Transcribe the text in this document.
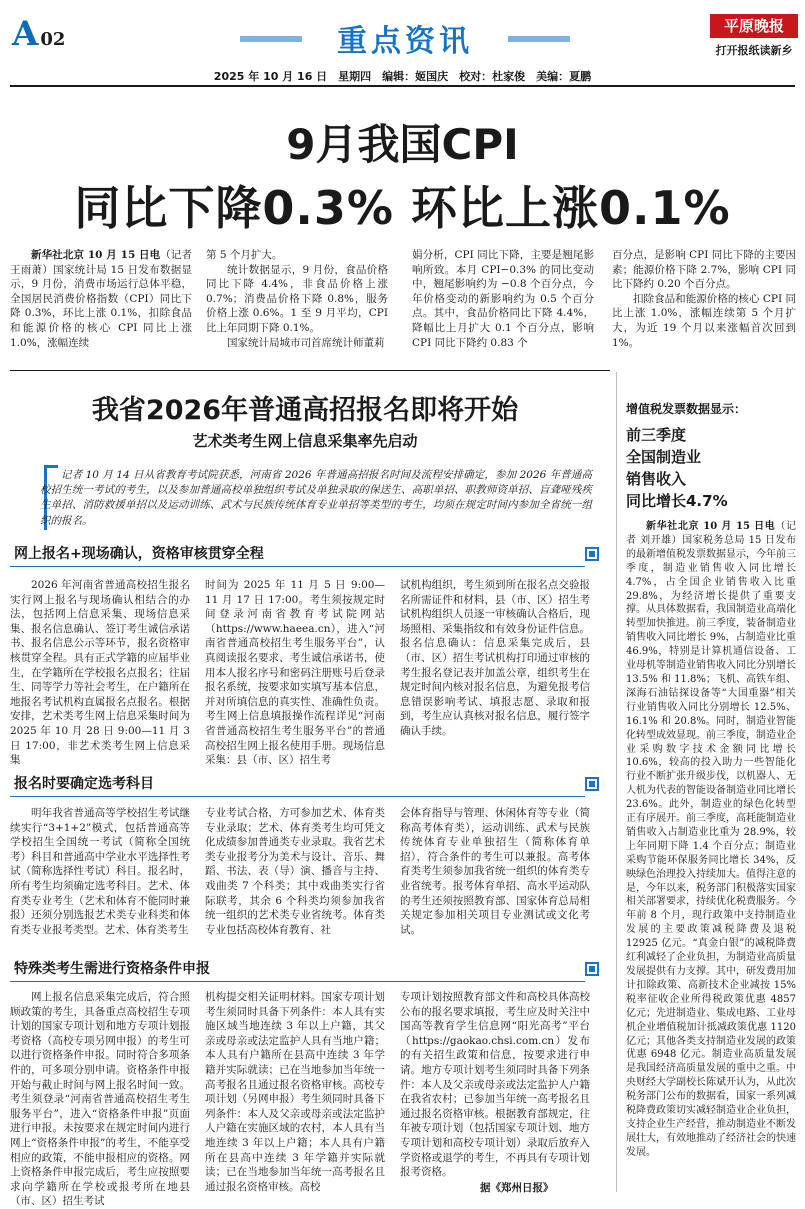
A 02	重点资讯	平原晚报
打开报纸读新乡
2025 年 10 月 16 日　星期四　编辑：姬国庆　校对：杜家俊　美编：夏鹏
9月我国CPI
同比下降0.3% 环比上涨0.1%

新华社北京 10 月 15 日电（记者 王雨萧）国家统计局 15 日发布数据显示，9 月份，消费市场运行总体平稳，全国居民消费价格指数（CPI）同比下降 0.3%，环比上涨 0.1%，扣除食品和能源价格的核心 CPI 同比上涨 1.0%，涨幅连续

第 5 个月扩大。

统计数据显示，9 月份，食品价格同比下降 4.4%，非食品价格上涨 0.7%；消费品价格下降 0.8%，服务价格上涨 0.6%。1 至 9 月平均，CPI 比上年同期下降 0.1%。

国家统计局城市司首席统计师董莉

娟分析，CPI 同比下降，主要是翘尾影响所致。本月 CPI−0.3% 的同比变动中，翘尾影响约为 −0.8 个百分点，今年价格变动的新影响约为 0.5 个百分点。其中，食品价格同比下降 4.4%，降幅比上月扩大 0.1 个百分点，影响 CPI 同比下降约 0.83 个

百分点，是影响 CPI 同比下降的主要因素；能源价格下降 2.7%，影响 CPI 同比下降约 0.20 个百分点。

扣除食品和能源价格的核心 CPI 同比上涨 1.0%，涨幅连续第 5 个月扩大，为近 19 个月以来涨幅首次回到 1%。

我省2026年普通高招报名即将开始
艺术类考生网上信息采集率先启动

记者 10 月 14 日从省教育考试院获悉，河南省 2026 年普通高招报名时间及流程安排确定，参加 2026 年普通高校招生统一考试的考生，以及参加普通高校单独组织考试及单独录取的保送生、高职单招、职教师资单招、盲聋哑残疾生单招、消防救援单招以及运动训练、武术与民族传统体育专业单招等类型的考生，均须在规定时间内参加全省统一组织的报名。

网上报名+现场确认，资格审核贯穿全程

2026 年河南省普通高校招生报名实行网上报名与现场确认相结合的办法，包括网上信息采集、现场信息采集、报名信息确认、签订考生诚信承诺书、报名信息公示等环节，报名资格审核贯穿全程。具有正式学籍的应届毕业生，在学籍所在学校报名点报名；往届生、同等学力等社会考生，在户籍所在地报名考试机构直属报名点报名。根据安排，艺术类考生网上信息采集时间为 2025 年 10 月 28 日 9:00—11 月 3 日 17:00，非艺术类考生网上信息采集

时间为 2025 年 11 月 5 日 9:00—11 月 17 日 17:00。考生须按规定时间登录河南省教育考试院网站（https://www.haeea.cn），进入“河南省普通高校招生考生服务平台”，认真阅读报名要求、考生诚信承诺书，使用本人报名序号和密码注册账号后登录报名系统，按要求如实填写基本信息，并对所填信息的真实性、准确性负责。考生网上信息填报操作流程详见“河南省普通高校招生考生服务平台”的普通高校招生网上报名使用手册。现场信息采集：县（市、区）招生考

试机构组织，考生须到所在报名点交验报名所需证件和材料，县（市、区）招生考试机构组织人员逐一审核确认合格后，现场照相、采集指纹和有效身份证件信息。报名信息确认：信息采集完成后，县（市、区）招生考试机构打印通过审核的考生报名登记表并加盖公章，组织考生在规定时间内核对报名信息，为避免报考信息错误影响考试、填报志愿、录取和报到，考生应认真核对报名信息，履行签字确认手续。

报名时要确定选考科目

明年我省普通高等学校招生考试继续实行“3+1+2”模式，包括普通高等学校招生全国统一考试（简称全国统考）科目和普通高中学业水平选择性考试（简称选择性考试）科目。报名时，所有考生均须确定选考科目。艺术、体育类专业考生（艺术和体育不能同时兼报）还须分别选报艺术类专业科类和体育类专业报考类型。艺术、体育类考生

专业考试合格，方可参加艺术、体育类专业录取；艺术、体育类考生均可凭文化成绩参加普通类专业录取。我省艺术类专业报考分为美术与设计、音乐、舞蹈、书法、表（导）演、播音与主持、戏曲类 7 个科类；其中戏曲类实行省际联考，其余 6 个科类均须参加我省统一组织的艺术类专业省统考。体育类专业包括高校体育教育、社

会体育指导与管理、休闲体育等专业（简称高考体育类），运动训练、武术与民族传统体育专业单独招生（简称体育单招），符合条件的考生可以兼报。高考体育类考生须参加我省统一组织的体育类专业省统考。报考体育单招、高水平运动队的考生还须按照教育部、国家体育总局相关规定参加相关项目专业测试或文化考试。

特殊类考生需进行资格条件申报

网上报名信息采集完成后，符合照顾政策的考生，具备重点高校招生专项计划的国家专项计划和地方专项计划报考资格（高校专项另网申报）的考生可以进行资格条件申报。同时符合多项条件的，可多项分别申请。资格条件申报开始与截止时间与网上报名时间一致。考生须登录“河南省普通高校招生考生服务平台”，进入“资格条件申报”页面进行申报。未按要求在规定时间内进行网上“资格条件申报”的考生，不能享受相应的政策，不能申报相应的资格。网上资格条件申报完成后，考生应按照要求向学籍所在学校或报考所在地县（市、区）招生考试

机构提交相关证明材料。国家专项计划考生须同时具备下列条件：本人具有实施区域当地连续 3 年以上户籍，其父亲或母亲或法定监护人具有当地户籍；本人具有户籍所在县高中连续 3 年学籍并实际就读；已在当地参加当年统一高考报名且通过报名资格审核。高校专项计划（另网申报）考生须同时具备下列条件：本人及父亲或母亲或法定监护人户籍在实施区域的农村，本人具有当地连续 3 年以上户籍；本人具有户籍所在县高中连续 3 年学籍并实际就读；已在当地参加当年统一高考报名且通过报名资格审核。高校

专项计划按照教育部文件和高校具体高校公布的报名要求填报，考生应及时关注中国高等教育学生信息网“阳光高考”平台（https://gaokao.chsi.com.cn）发布的有关招生政策和信息，按要求进行申请。地方专项计划考生须同时具备下列条件：本人及父亲或母亲或法定监护人户籍在我省农村；已参加当年统一高考报名且通过报名资格审核。根据教育部规定，往年被专项计划（包括国家专项计划、地方专项计划和高校专项计划）录取后放弃入学资格或退学的考生，不再具有专项计划报考资格。

据《郑州日报》
增值税发票数据显示：
前三季度
全国制造业
销售收入
同比增长4.7%

新华社北京 10 月 15 日电（记者 刘开雄）国家税务总局 15 日发布的最新增值税发票数据显示，今年前三季度，制造业销售收入同比增长 4.7%，占全国企业销售收入比重 29.8%，为经济增长提供了重要支撑。从具体数据看，我国制造业高端化转型加快推进。前三季度，装备制造业销售收入同比增长 9%，占制造业比重 46.9%，特别是计算机通信设备、工业母机等制造业销售收入同比分别增长 13.5% 和 11.8%；飞机、高铁车组、深海石油钻探设备等“大国重器”相关行业销售收入同比分别增长 12.5%、16.1% 和 20.8%。同时，制造业智能化转型成效显现。前三季度，制造业企业采购数字技术金额同比增长 10.6%，较高的投入助力一些智能化行业不断扩张升级步伐，以机器人、无人机为代表的智能设备制造业同比增长 23.6%。此外，制造业的绿色化转型正有序展开。前三季度，高耗能制造业销售收入占制造业比重为 28.9%，较上年同期下降 1.4 个百分点；制造业采购节能环保服务同比增长 34%，反映绿色治理投入持续加大。值得注意的是，今年以来，税务部门积极落实国家相关部署要求，持续优化税费服务。今年前 8 个月，现行政策中支持制造业发展的主要政策减税降费及退税 12925 亿元。“真金白银”的减税降费红利减轻了企业负担，为制造业高质量发展提供有力支撑。其中，研发费用加计扣除政策、高新技术企业减按 15% 税率征收企业所得税政策优惠 4857 亿元；先进制造业、集成电路、工业母机企业增值税加计抵减政策优惠 1120 亿元；其他各类支持制造业发展的政策优惠 6948 亿元。制造业高质量发展是我国经济高质量发展的重中之重。中央财经大学副校长陈斌开认为，从此次税务部门公布的数据看，国家一系列减税降费政策切实减轻制造业企业负担，支持企业生产经营，推动制造业不断发展壮大，有效地推动了经济社会的快速发展。
